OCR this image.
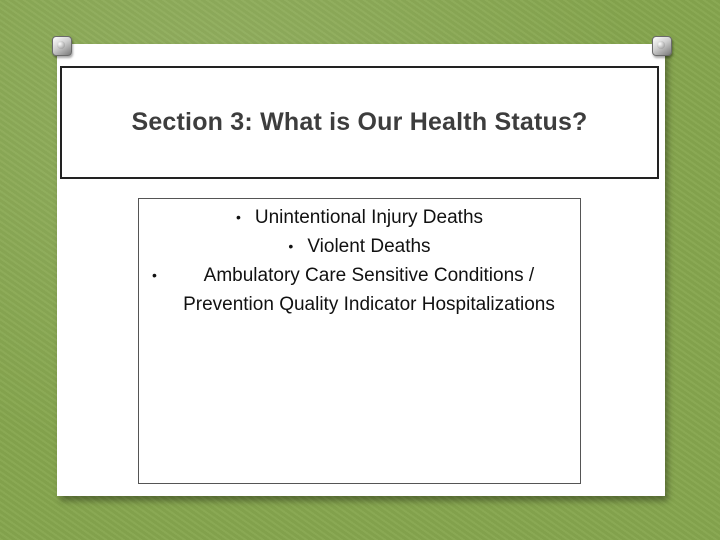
Section 3: What is Our Health Status?
• Unintentional Injury Deaths
• Violent Deaths
•	Ambulatory Care Sensitive Conditions / Prevention Quality Indicator Hospitalizations
